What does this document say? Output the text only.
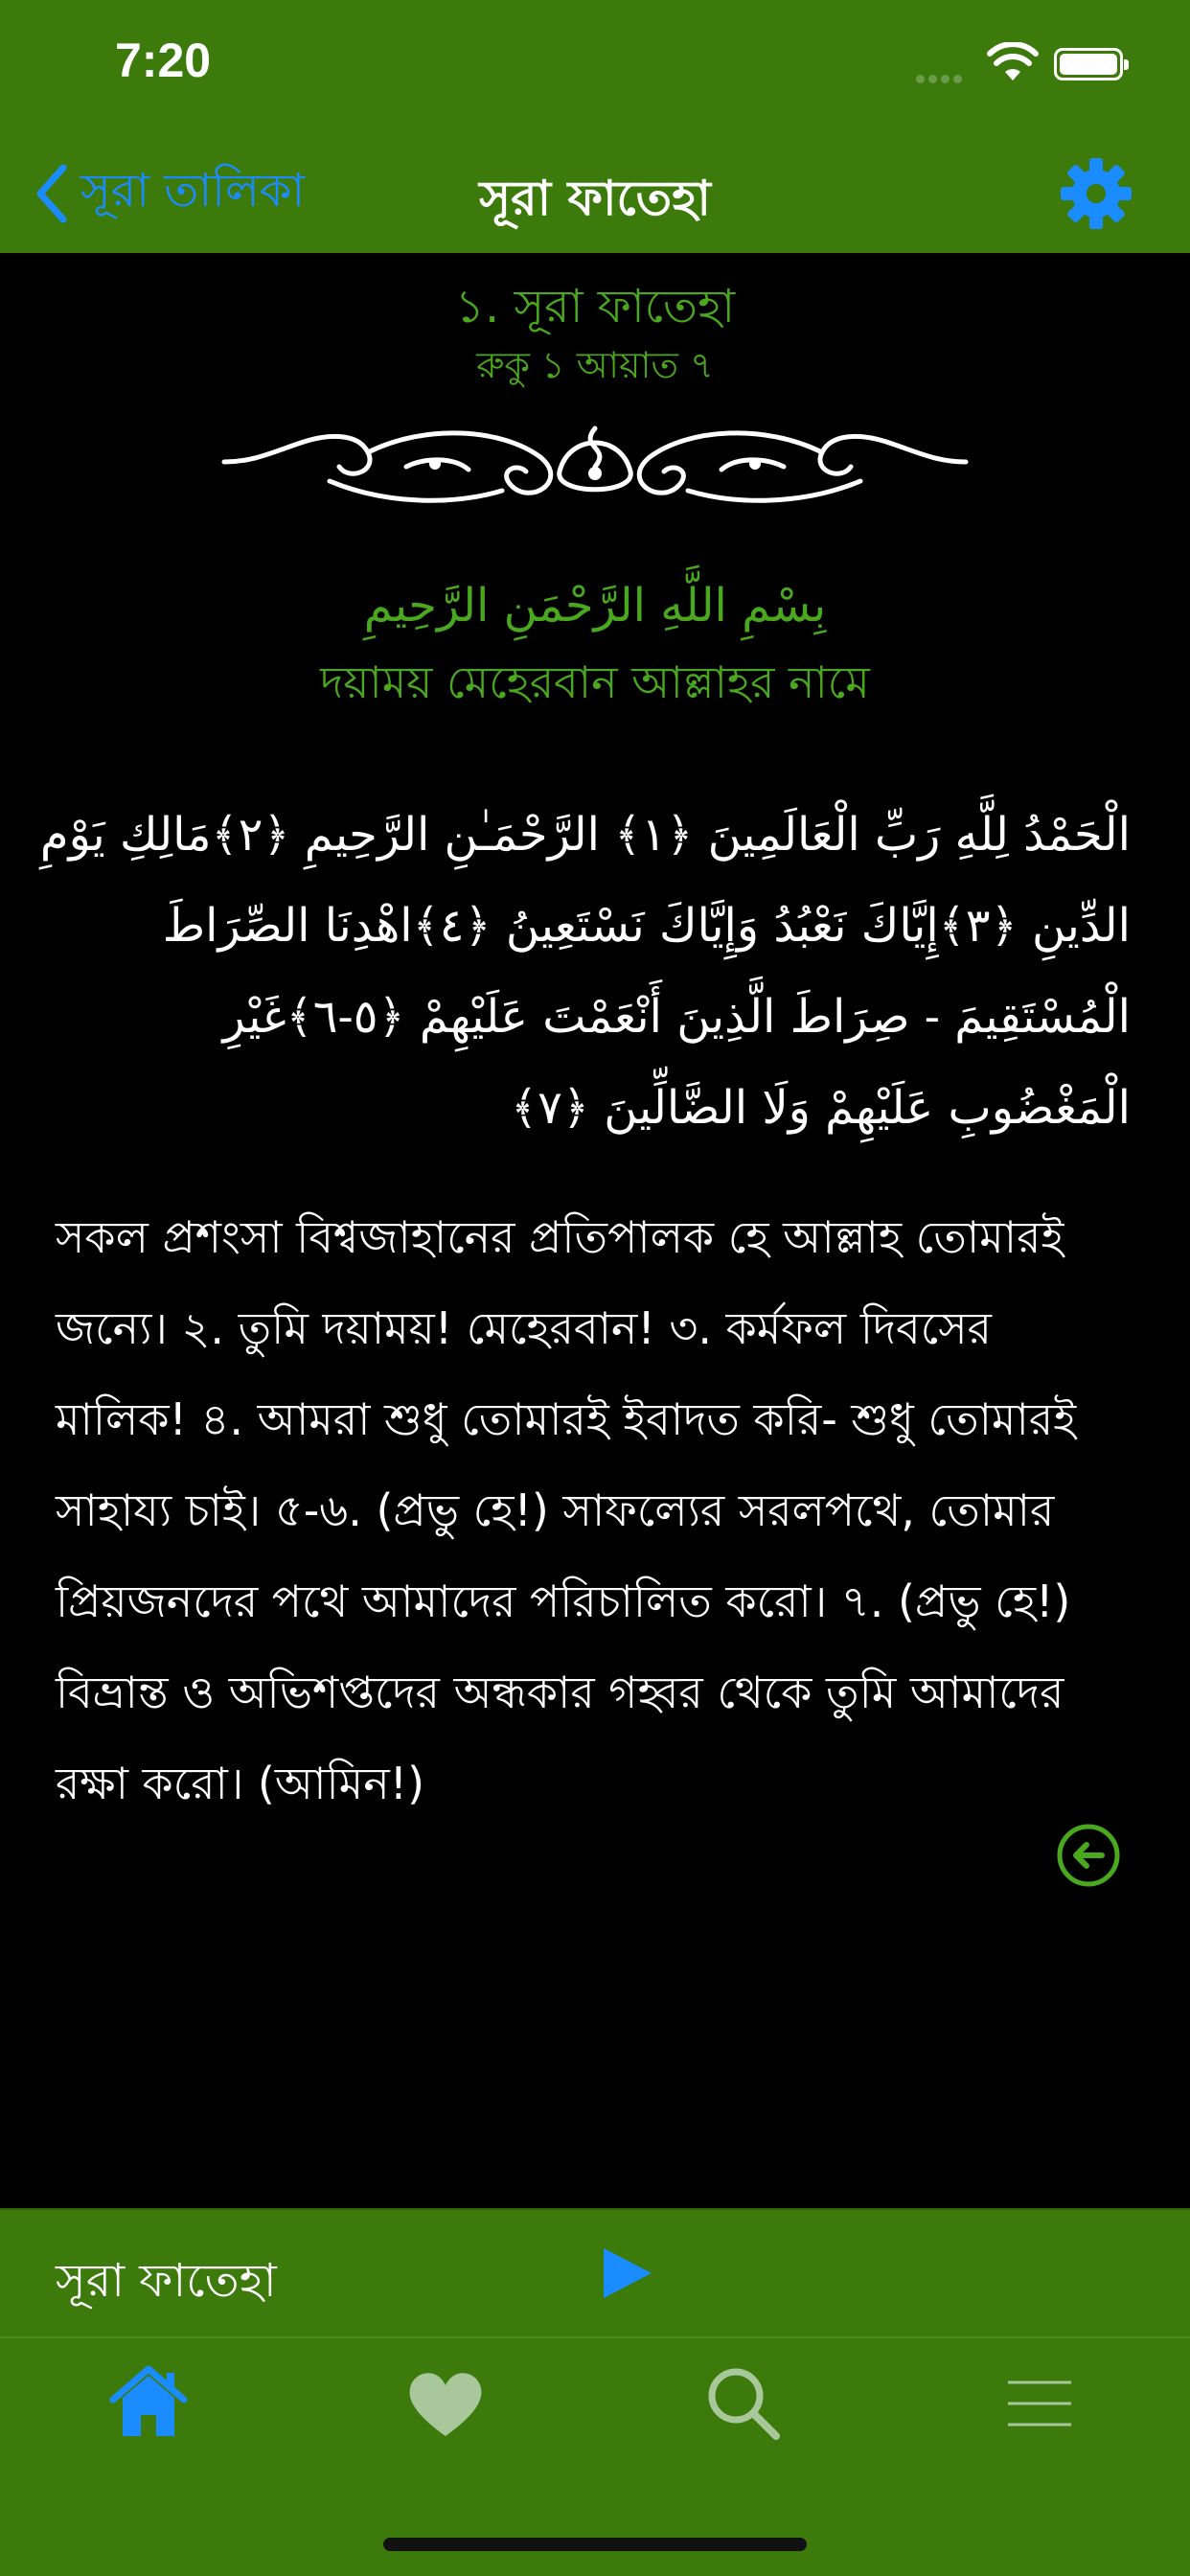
7:20
সূরা তালিকা	সূরা ফাতেহা
১. সূরা ফাতেহা
রুকু ১ আয়াত ৭
بِسْمِ اللَّهِ الرَّحْمَنِ الرَّحِيمِ
দয়াময় মেহেরবান আল্লাহর নামে

الْحَمْدُ لِلَّهِ رَبِّ الْعَالَمِينَ ﴿١﴾ الرَّحْمَـٰنِ الرَّحِيمِ ﴿٢﴾مَالِكِ يَوْمِ

الدِّينِ ﴿٣﴾إِيَّاكَ نَعْبُدُ وَإِيَّاكَ نَسْتَعِينُ ﴿٤﴾اهْدِنَا الصِّرَاطَ

الْمُسْتَقِيمَ - صِرَاطَ الَّذِينَ أَنْعَمْتَ عَلَيْهِمْ ﴿٥-٦﴾غَيْرِ

الْمَغْضُوبِ عَلَيْهِمْ وَلَا الضَّالِّينَ ﴿٧﴾

সকল প্রশংসা বিশ্বজাহানের প্রতিপালক হে আল্লাহ তোমারই

জন্যে। ২. তুমি দয়াময়! মেহেরবান! ৩. কর্মফল দিবসের

মালিক! ৪. আমরা শুধু তোমারই ইবাদত করি- শুধু তোমারই

সাহায্য চাই। ৫-৬. (প্রভু হে!) সাফল্যের সরলপথে, তোমার

প্রিয়জনদের পথে আমাদের পরিচালিত করো। ৭. (প্রভু হে!)

বিভ্রান্ত ও অভিশপ্তদের অন্ধকার গহ্বর থেকে তুমি আমাদের

রক্ষা করো। (আমিন!)

সূরা ফাতেহা
